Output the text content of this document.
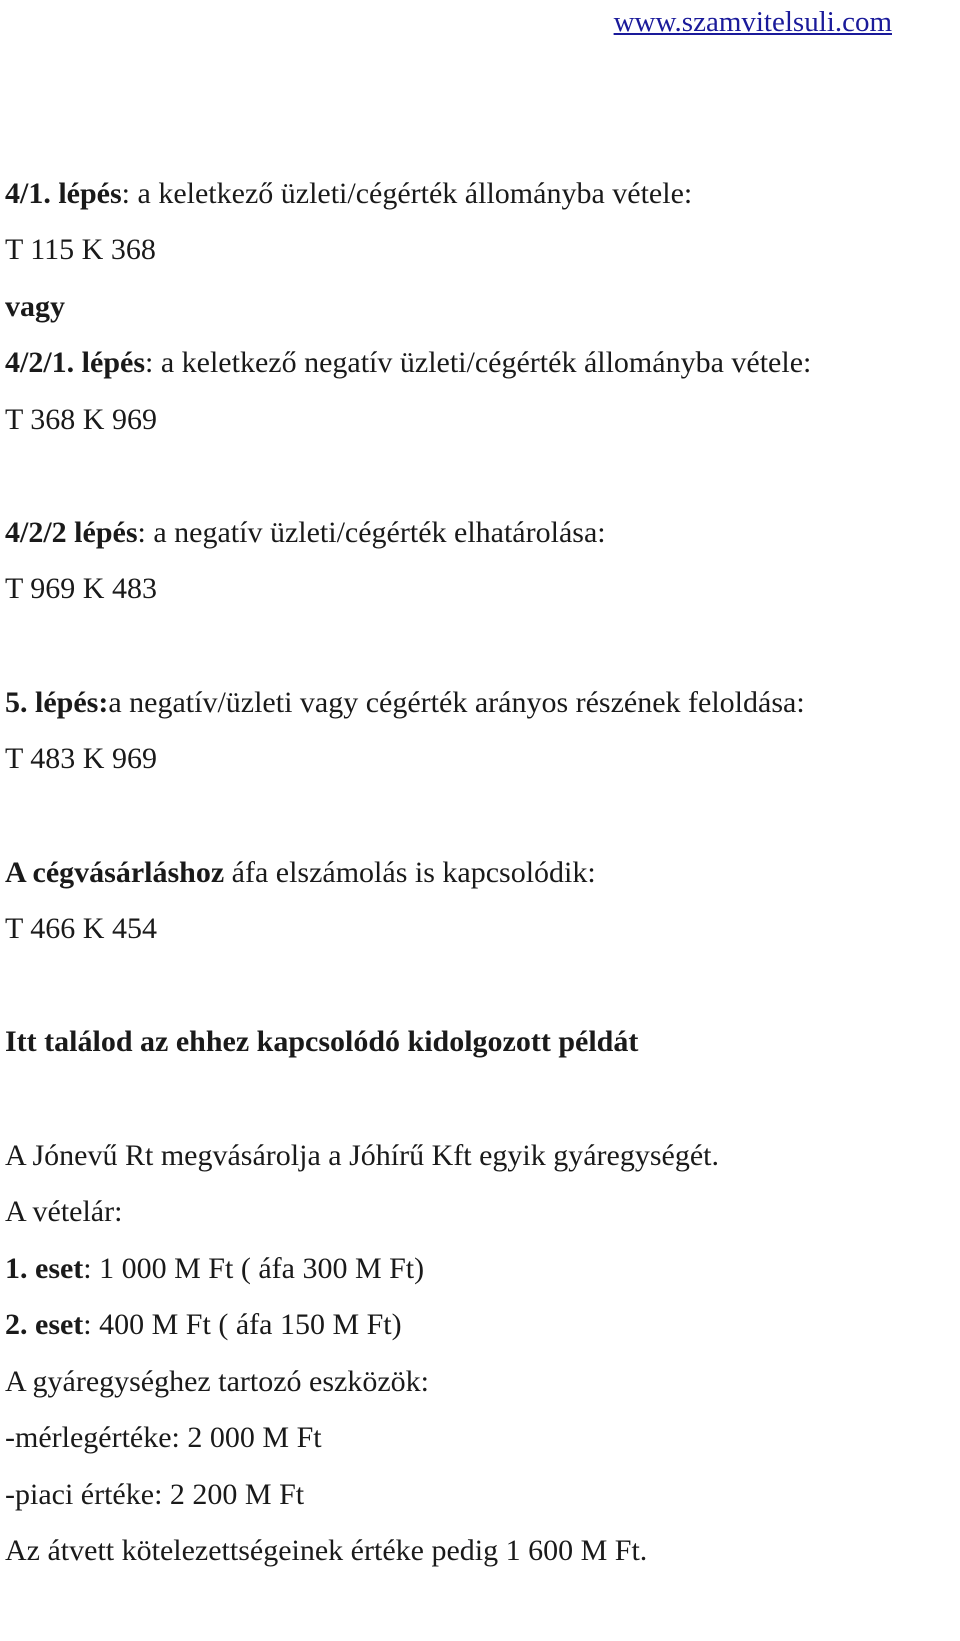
www.szamvitelsuli.com
4/1. lépés: a keletkező üzleti/cégérték állományba vétele:
T 115 K 368
vagy
4/2/1. lépés: a keletkező negatív üzleti/cégérték állományba vétele:
T 368 K 969
4/2/2 lépés: a negatív üzleti/cégérték elhatárolása:
T 969 K 483
5. lépés:a negatív/üzleti vagy cégérték arányos részének feloldása:
T 483 K 969
A cégvásárláshoz áfa elszámolás is kapcsolódik:
T 466 K 454
Itt találod az ehhez kapcsolódó kidolgozott példát
A Jónevű Rt megvásárolja a Jóhírű Kft egyik gyáregységét.
A vételár:
1. eset: 1 000 M Ft ( áfa 300 M Ft)
2. eset: 400 M Ft ( áfa 150 M Ft)
A gyáregységhez tartozó eszközök:
-mérlegértéke: 2 000 M Ft
-piaci értéke: 2 200 M Ft
Az átvett kötelezettségeinek értéke pedig 1 600 M Ft.
